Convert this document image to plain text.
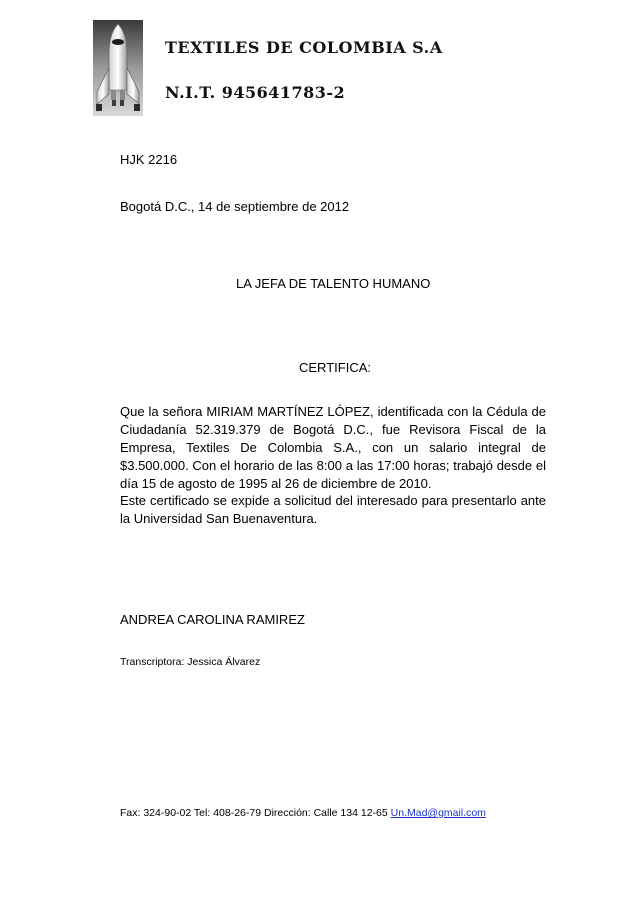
TEXTILES DE COLOMBIA S.A
N.I.T. 945641783-2
HJK 2216
Bogotá D.C., 14 de septiembre de 2012
LA JEFA DE TALENTO HUMANO
CERTIFICA:
Que la señora MIRIAM MARTÍNEZ LÓPEZ, identificada con la Cédula de Ciudadanía 52.319.379 de Bogotá D.C., fue Revisora Fiscal de la Empresa, Textiles De Colombia S.A., con un salario integral de $3.500.000. Con el horario de las 8:00 a las 17:00 horas; trabajó desde el día 15 de agosto de 1995 al 26 de diciembre de 2010.
Este certificado se expide a solicitud del interesado para presentarlo ante la Universidad San Buenaventura.
ANDREA CAROLINA RAMIREZ
Transcriptora: Jessica Álvarez
Fax: 324-90-02 Tel: 408-26-79 Dirección: Calle 134 12-65 Un.Mad@gmail.com
